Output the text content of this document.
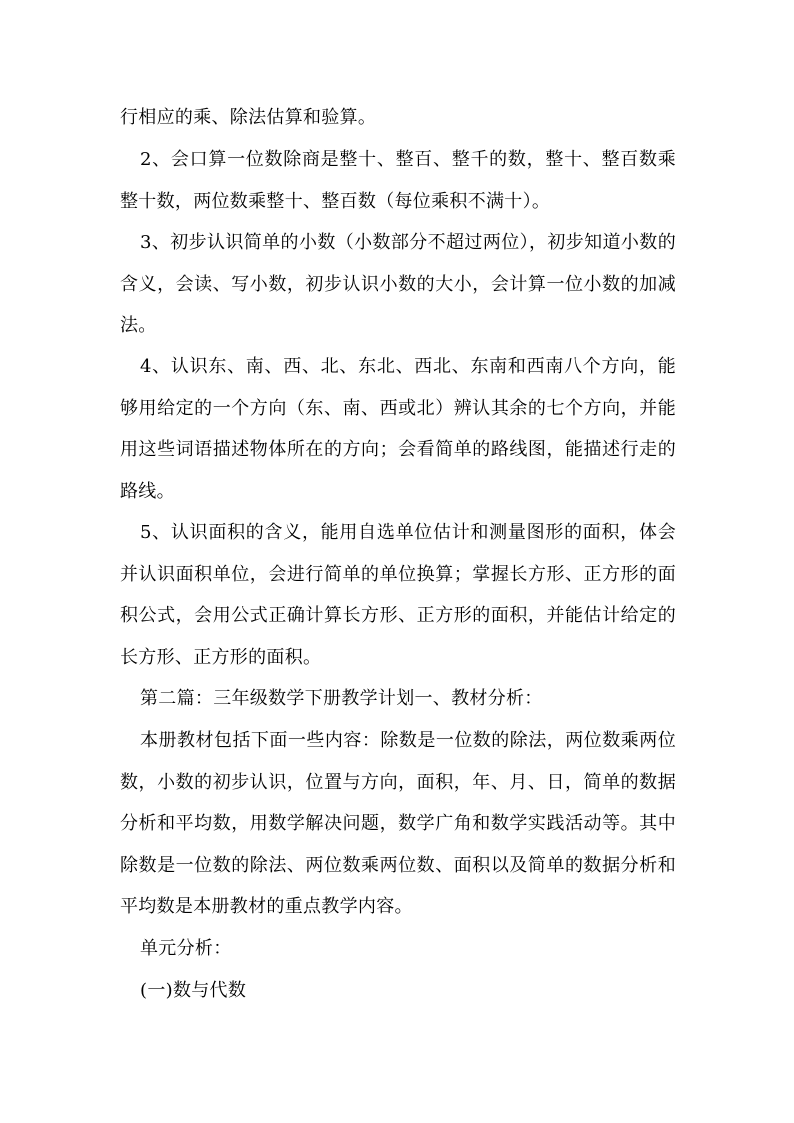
行相应的乘、除法估算和验算。

2、会口算一位数除商是整十、整百、整千的数，整十、整百数乘整十数，两位数乘整十、整百数（每位乘积不满十）。

3、初步认识简单的小数（小数部分不超过两位），初步知道小数的含义，会读、写小数，初步认识小数的大小，会计算一位小数的加减法。

4、认识东、南、西、北、东北、西北、东南和西南八个方向，能够用给定的一个方向（东、南、西或北）辨认其余的七个方向，并能用这些词语描述物体所在的方向；会看简单的路线图，能描述行走的路线。

5、认识面积的含义，能用自选单位估计和测量图形的面积，体会并认识面积单位，会进行简单的单位换算；掌握长方形、正方形的面积公式，会用公式正确计算长方形、正方形的面积，并能估计给定的长方形、正方形的面积。

第二篇：三年级数学下册教学计划一、教材分析：

本册教材包括下面一些内容：除数是一位数的除法，两位数乘两位数，小数的初步认识，位置与方向，面积，年、月、日，简单的数据分析和平均数，用数学解决问题，数学广角和数学实践活动等。其中除数是一位数的除法、两位数乘两位数、面积以及简单的数据分析和平均数是本册教材的重点教学内容。

单元分析：

(一)数与代数
